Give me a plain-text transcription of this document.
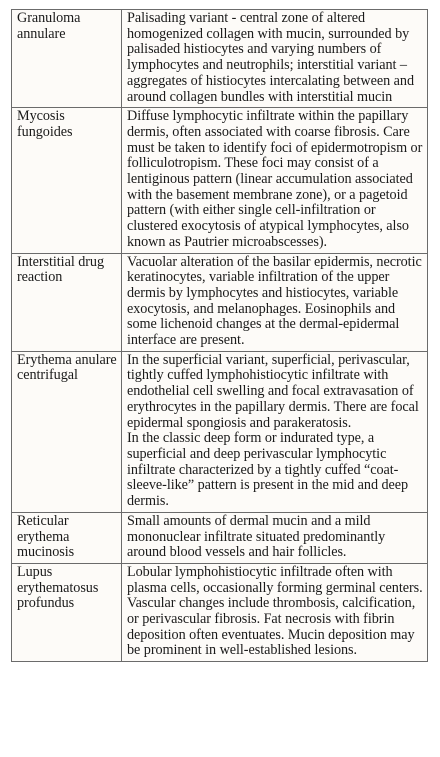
Granuloma annulare	Palisading variant - central zone of altered homogenized collagen with mucin, surrounded by palisaded histiocytes and varying numbers of lymphocytes and neutrophils; interstitial variant – aggregates of histiocytes intercalating between and around collagen bundles with interstitial mucin
Mycosis fungoides	Diffuse lymphocytic infiltrate within the papillary dermis, often associated with coarse fibrosis. Care must be taken to identify foci of epidermotropism or folliculotropism. These foci may consist of a lentiginous pattern (linear accumulation associated with the basement membrane zone), or a pagetoid pattern (with either single cell-infiltration or clustered exocytosis of atypical lymphocytes, also known as Pautrier microabscesses).
Interstitial drug reaction	Vacuolar alteration of the basilar epidermis, necrotic keratinocytes, variable infiltration of the upper dermis by lymphocytes and histiocytes, variable exocytosis, and melanophages. Eosinophils and some lichenoid changes at the dermal-epidermal interface are present.
Erythema anulare centrifugal	In the superficial variant, superficial, perivascular, tightly cuffed lymphohistiocytic infiltrate with endothelial cell swelling and focal extravasation of erythrocytes in the papillary dermis. There are focal epidermal spongiosis and parakeratosis.
In the classic deep form or indurated type, a superficial and deep perivascular lymphocytic infiltrate characterized by a tightly cuffed “coat-sleeve-like” pattern is present in the mid and deep dermis.

Reticular erythema mucinosis	Small amounts of dermal mucin and a mild mononuclear infiltrate situated predominantly around blood vessels and hair follicles.
Lupus erythematosus profundus	Lobular lymphohistiocytic infiltrade often with plasma cells, occasionally forming germinal centers. Vascular changes include thrombosis, calcification, or perivascular fibrosis. Fat necrosis with fibrin deposition often eventuates. Mucin deposition may be prominent in well-established lesions.
